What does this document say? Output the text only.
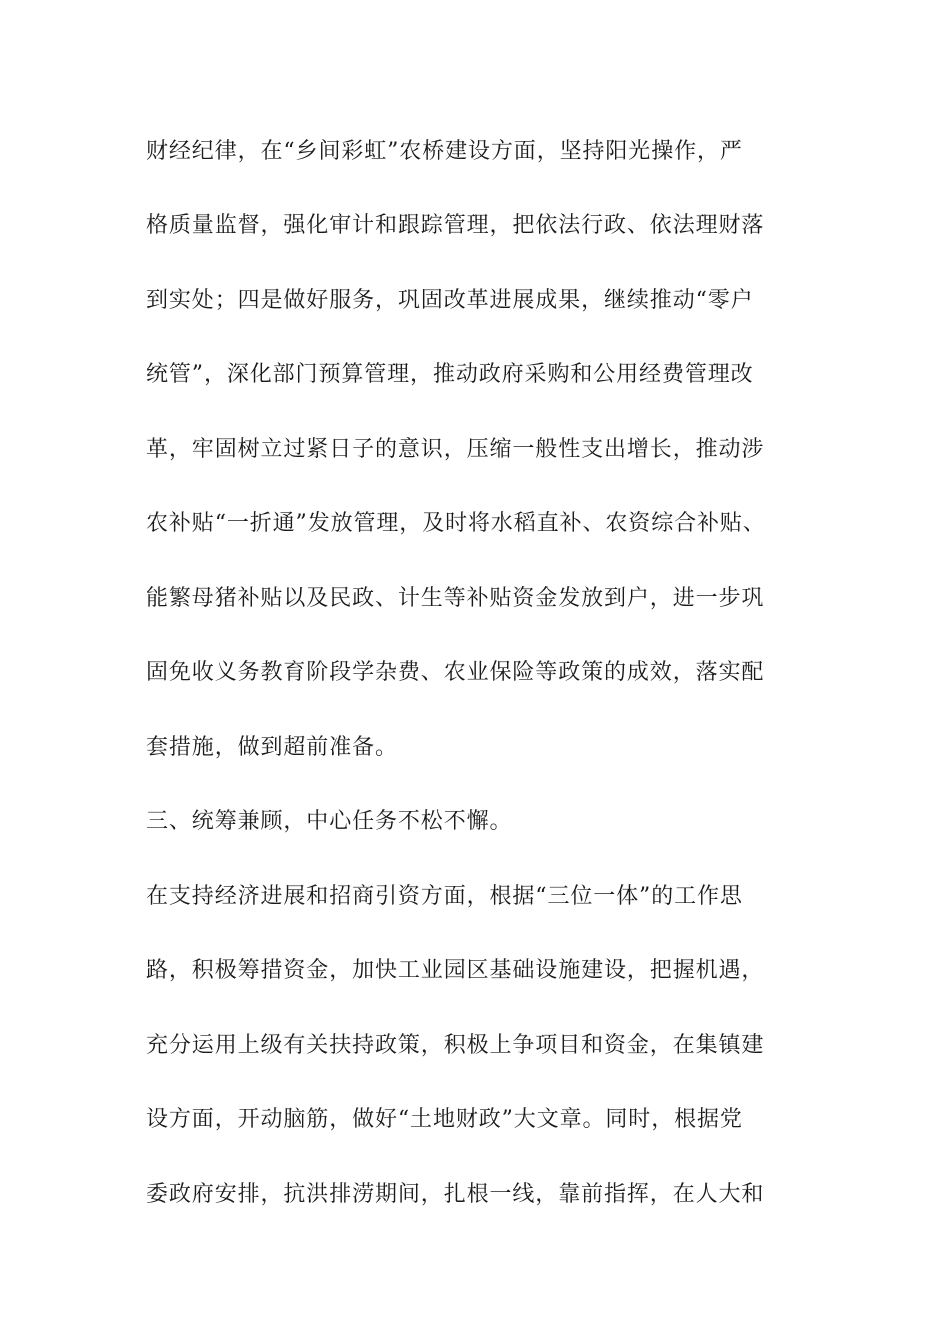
财经纪律，在“乡间彩虹”农桥建设方面，坚持阳光操作，严
格质量监督，强化审计和跟踪管理，把依法行政、依法理财落
到实处；四是做好服务，巩固改革进展成果，继续推动“零户
统管”，深化部门预算管理，推动政府采购和公用经费管理改
革，牢固树立过紧日子的意识，压缩一般性支出增长，推动涉
农补贴“一折通”发放管理，及时将水稻直补、农资综合补贴、
能繁母猪补贴以及民政、计生等补贴资金发放到户，进一步巩
固免收义务教育阶段学杂费、农业保险等政策的成效，落实配
套措施，做到超前准备。
三、统筹兼顾，中心任务不松不懈。
在支持经济进展和招商引资方面，根据“三位一体”的工作思
路，积极筹措资金，加快工业园区基础设施建设，把握机遇，
充分运用上级有关扶持政策，积极上争项目和资金，在集镇建
设方面，开动脑筋，做好“土地财政”大文章。同时，根据党
委政府安排，抗洪排涝期间，扎根一线，靠前指挥，在人大和
